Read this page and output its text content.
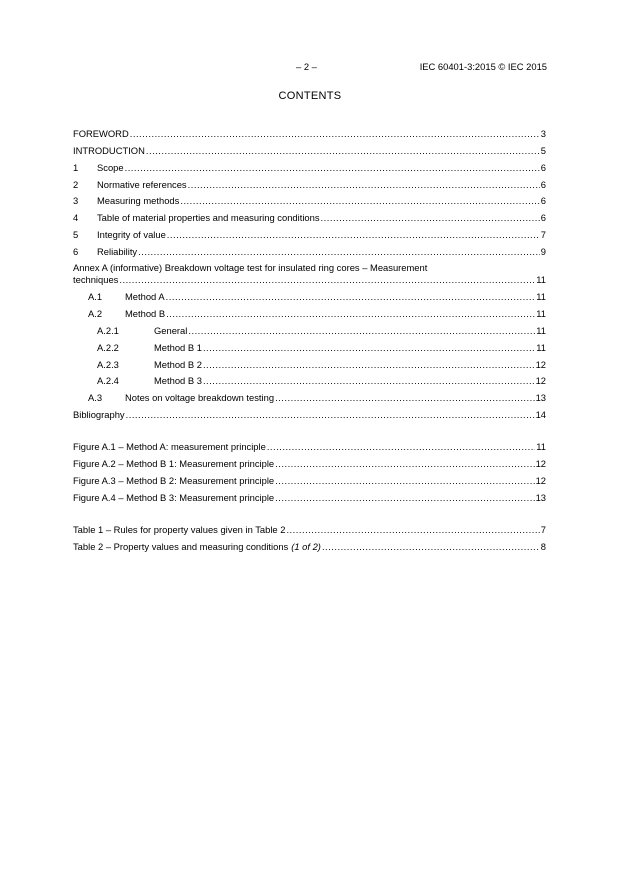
– 2 –	IEC 60401-3:2015 © IEC 2015
CONTENTS
FOREWORD .....	3
INTRODUCTION .....	5
1	Scope .....	6
2	Normative references .....	6
3	Measuring methods .....	6
4	Table of material properties and measuring conditions .....	6
5	Integrity of value .....	7
6	Reliability .....	9
Annex A (informative) Breakdown voltage test for insulated ring cores – Measurement
techniques .....	11
A.1	Method A .....	11
A.2	Method B .....	11
A.2.1	General .....	11
A.2.2	Method B 1 .....	11
A.2.3	Method B 2 .....	12
A.2.4	Method B 3 .....	12
A.3	Notes on voltage breakdown testing .....	13
Bibliography .....	14
Figure A.1 – Method A: measurement principle .....	11
Figure A.2 – Method B 1: Measurement principle .....	12
Figure A.3 – Method B 2: Measurement principle .....	12
Figure A.4 – Method B 3: Measurement principle .....	13
Table 1 – Rules for property values given in Table 2 .....	7
Table 2 – Property values and measuring conditions (1 of 2) .....	8
